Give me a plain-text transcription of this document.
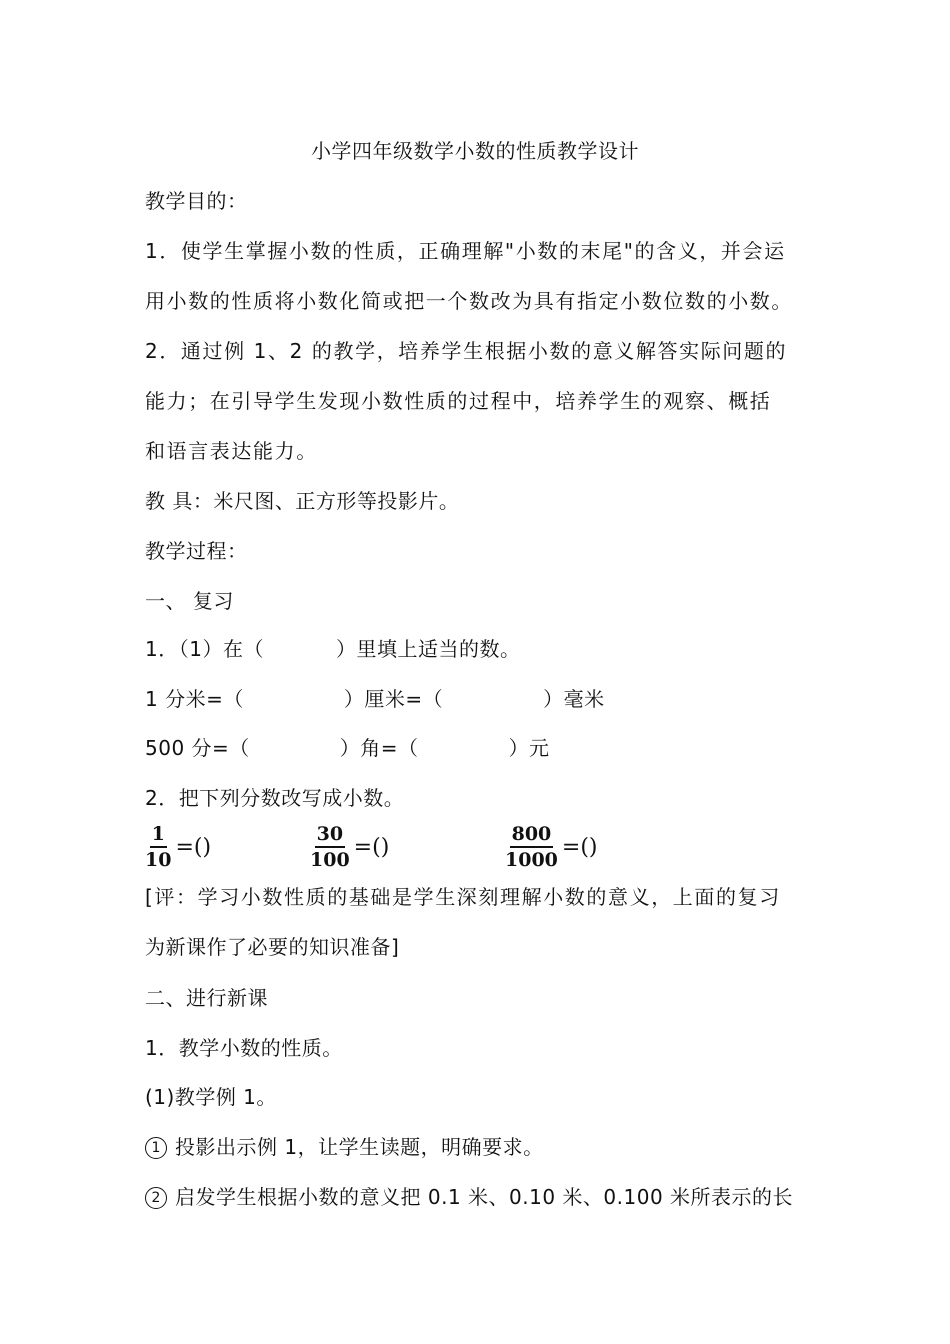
小学四年级数学小数的性质教学设计
教学目的：
1．使学生掌握小数的性质，正确理解"小数的末尾"的含义，并会运
用小数的性质将小数化简或把一个数改为具有指定小数位数的小数。
2．通过例 1、2 的教学，培养学生根据小数的意义解答实际问题的
能力；在引导学生发现小数性质的过程中，培养学生的观察、概括
和语言表达能力。
教 具：米尺图、正方形等投影片。
教学过程：
一、 复习
1．（1）在（	）里填上适当的数。
1 分米=（	）厘米=（	）毫米
500 分=（	）角=（	）元
2．把下列分数改写成小数。
$\frac{1}{10}$ =()	$\frac{30}{100}$ =()	$\frac{800}{1000}$ =()
[评：学习小数性质的基础是学生深刻理解小数的意义，上面的复习
为新课作了必要的知识准备]
二、进行新课
1．教学小数的性质。
(1)教学例 1。
1 投影出示例 1，让学生读题，明确要求。
2 启发学生根据小数的意义把 0.1 米、0.10 米、0.100 米所表示的长
